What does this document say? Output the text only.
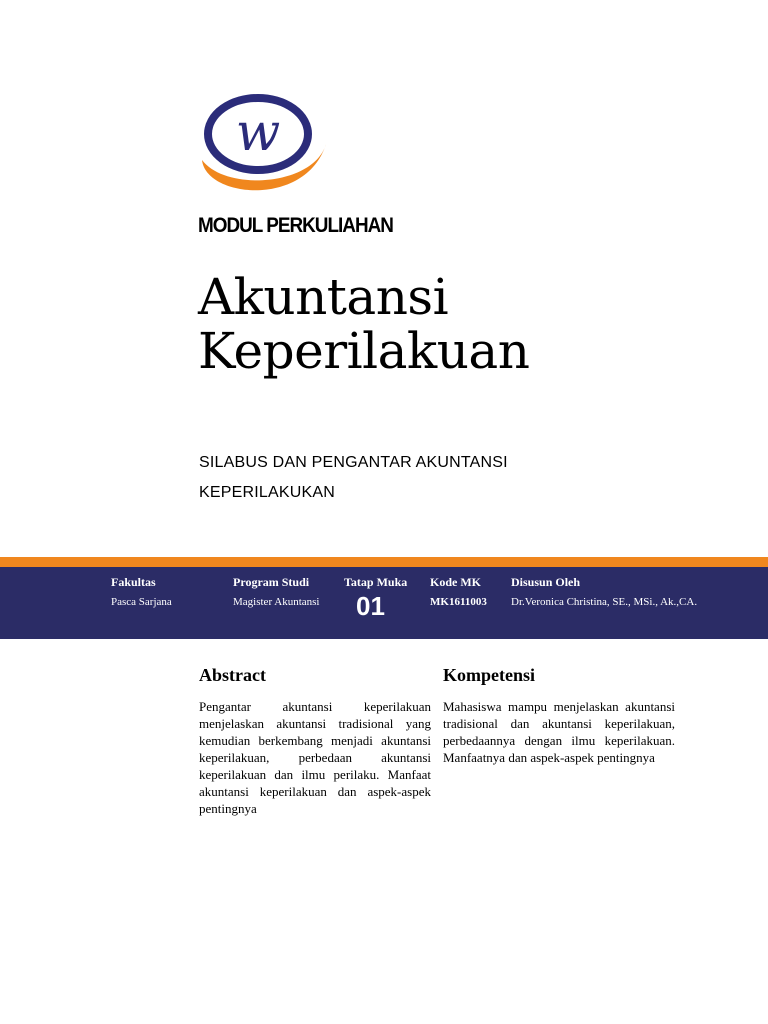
w
MODUL PERKULIAHAN
Akuntansi
Keperilakuan
SILABUS DAN PENGANTAR AKUNTANSI
KEPERILAKUKAN
Fakultas
Pasca Sarjana
Program Studi
Magister Akuntansi
Tatap Muka
01
Kode MK
MK1611003
Disusun Oleh
Dr.Veronica Christina, SE., MSi., Ak.,CA.
Abstract
Pengantar akuntansi keperilakuan menjelaskan akuntansi tradisional yang kemudian berkembang menjadi akuntansi keperilakuan, perbedaan akuntansi keperilakuan dan ilmu perilaku. Manfaat akuntansi keperilakuan dan aspek-aspek pentingnya
Kompetensi
Mahasiswa mampu menjelaskan akuntansi tradisional dan akuntansi keperilakuan, perbedaannya dengan ilmu keperilakuan. Manfaatnya dan aspek-aspek pentingnya
